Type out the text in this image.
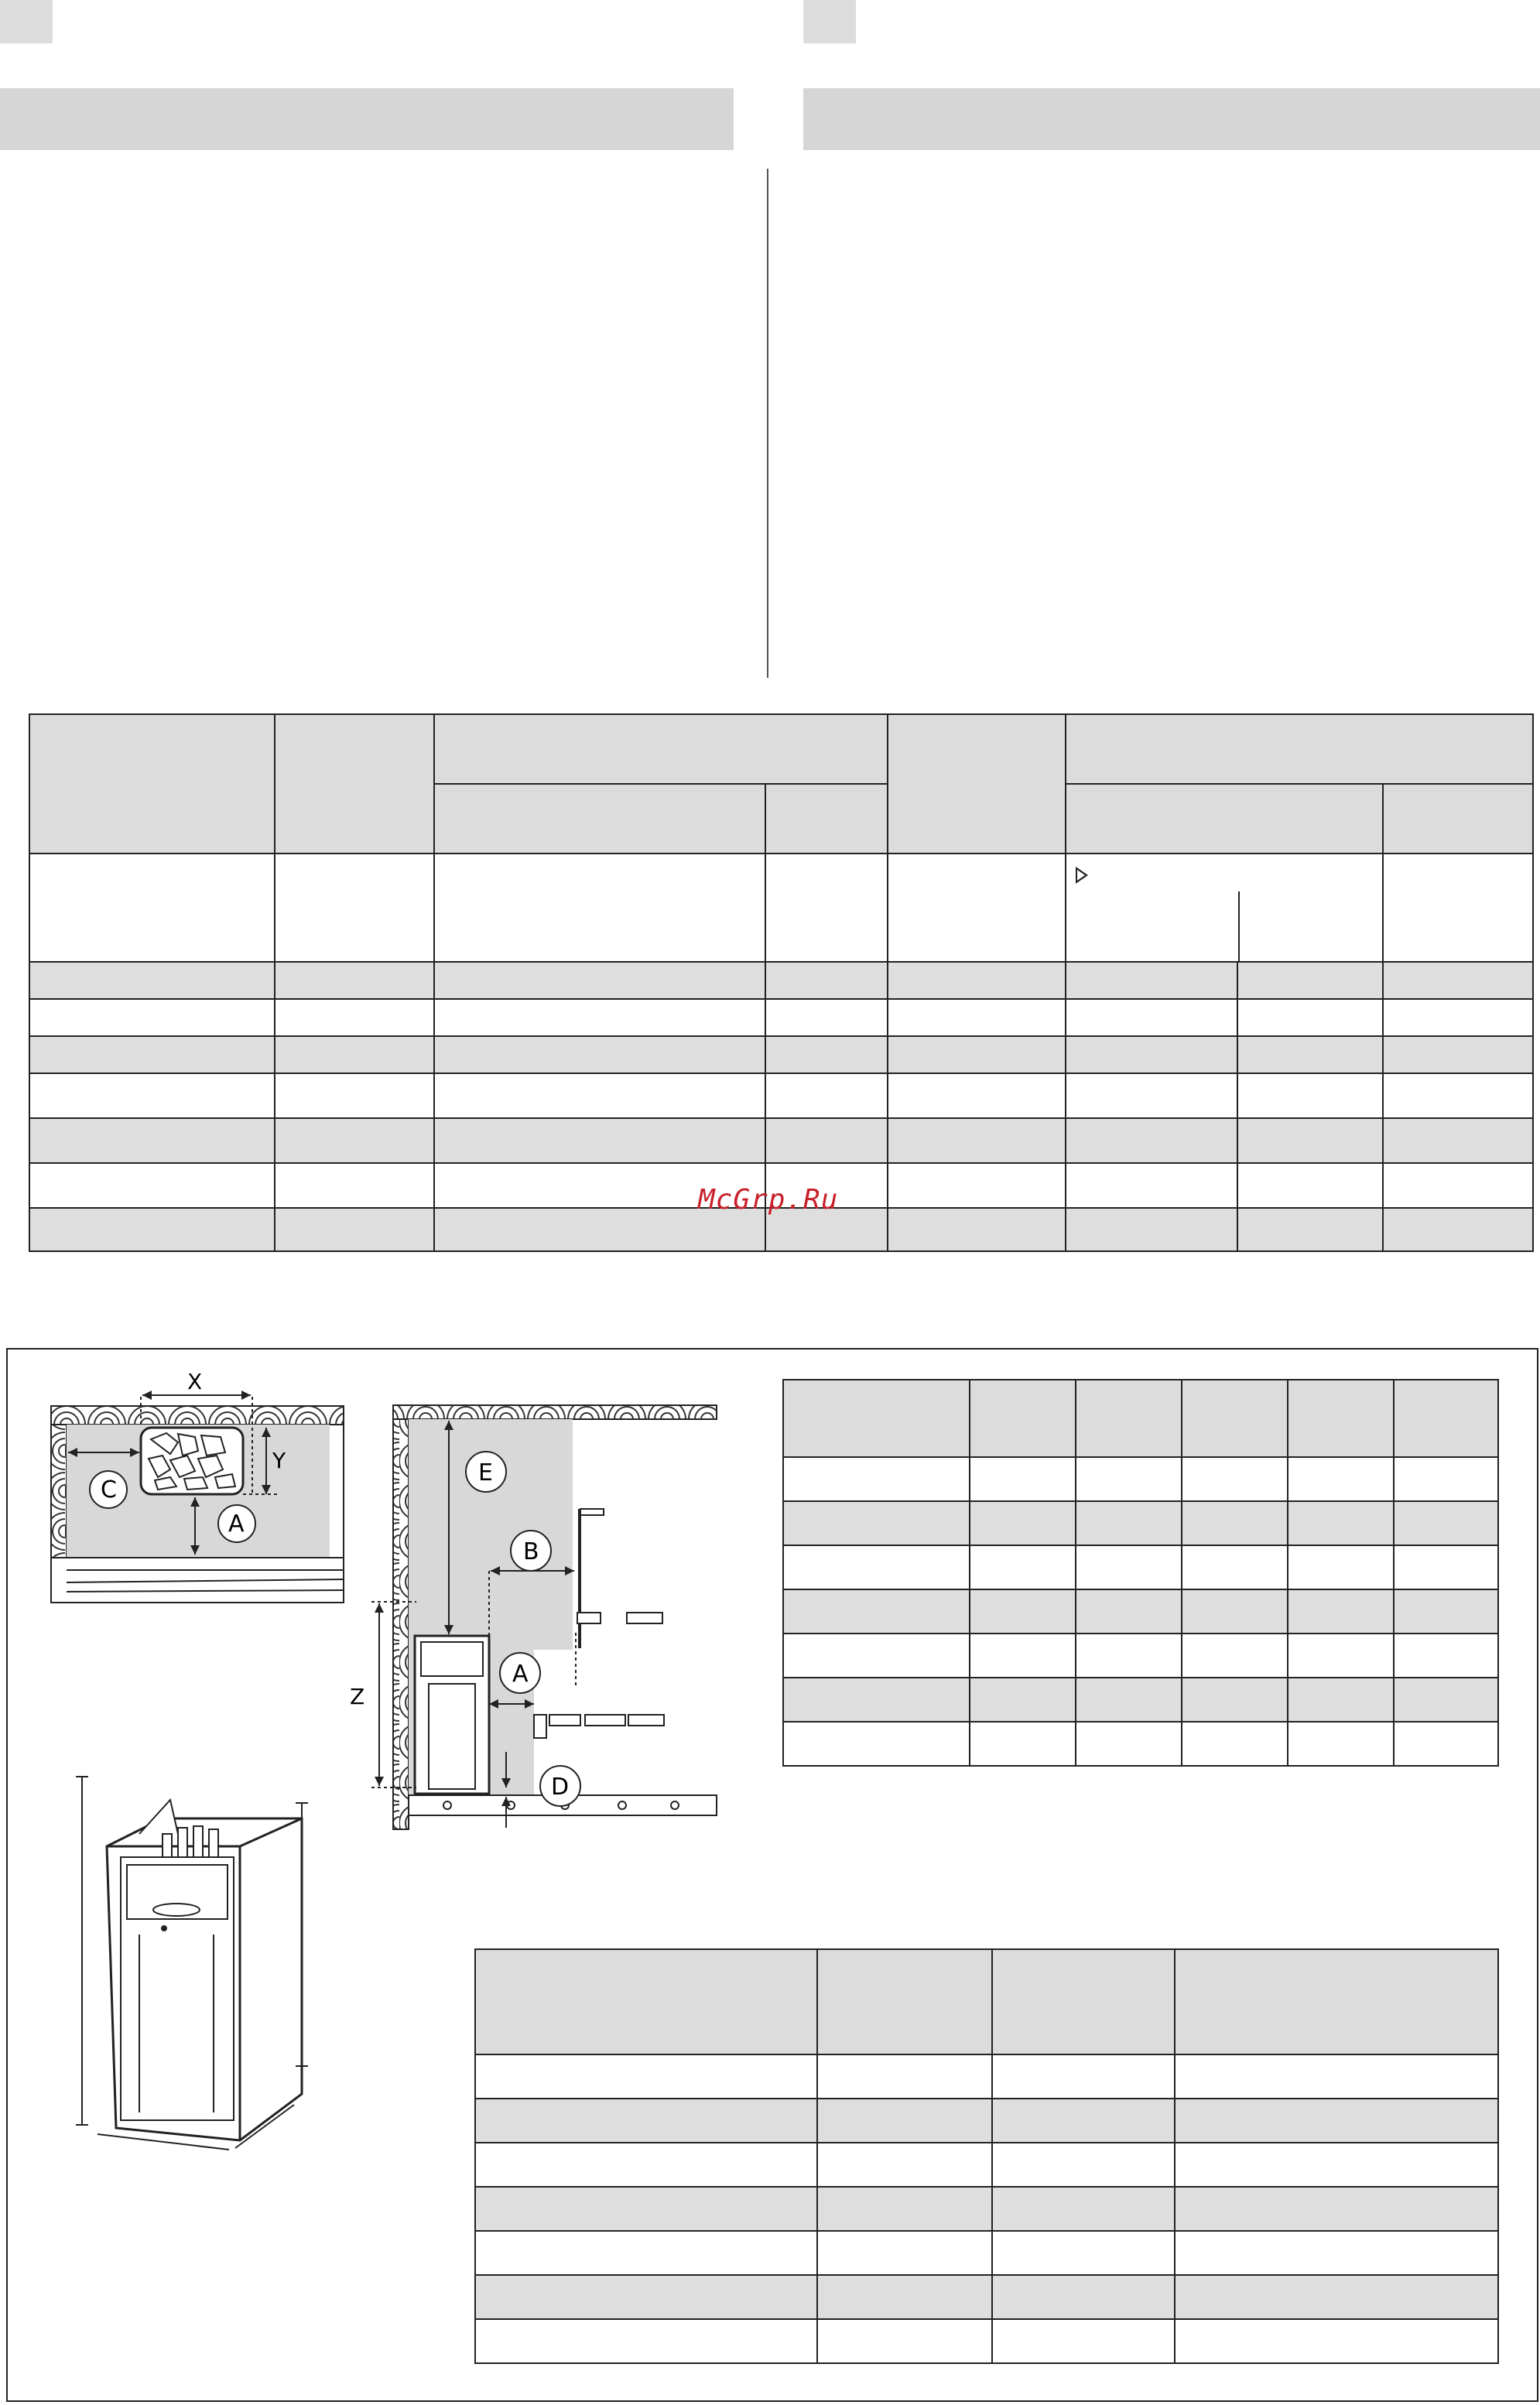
McGrp.Ru
X
Y
C
A
E
B
A
Z
D
